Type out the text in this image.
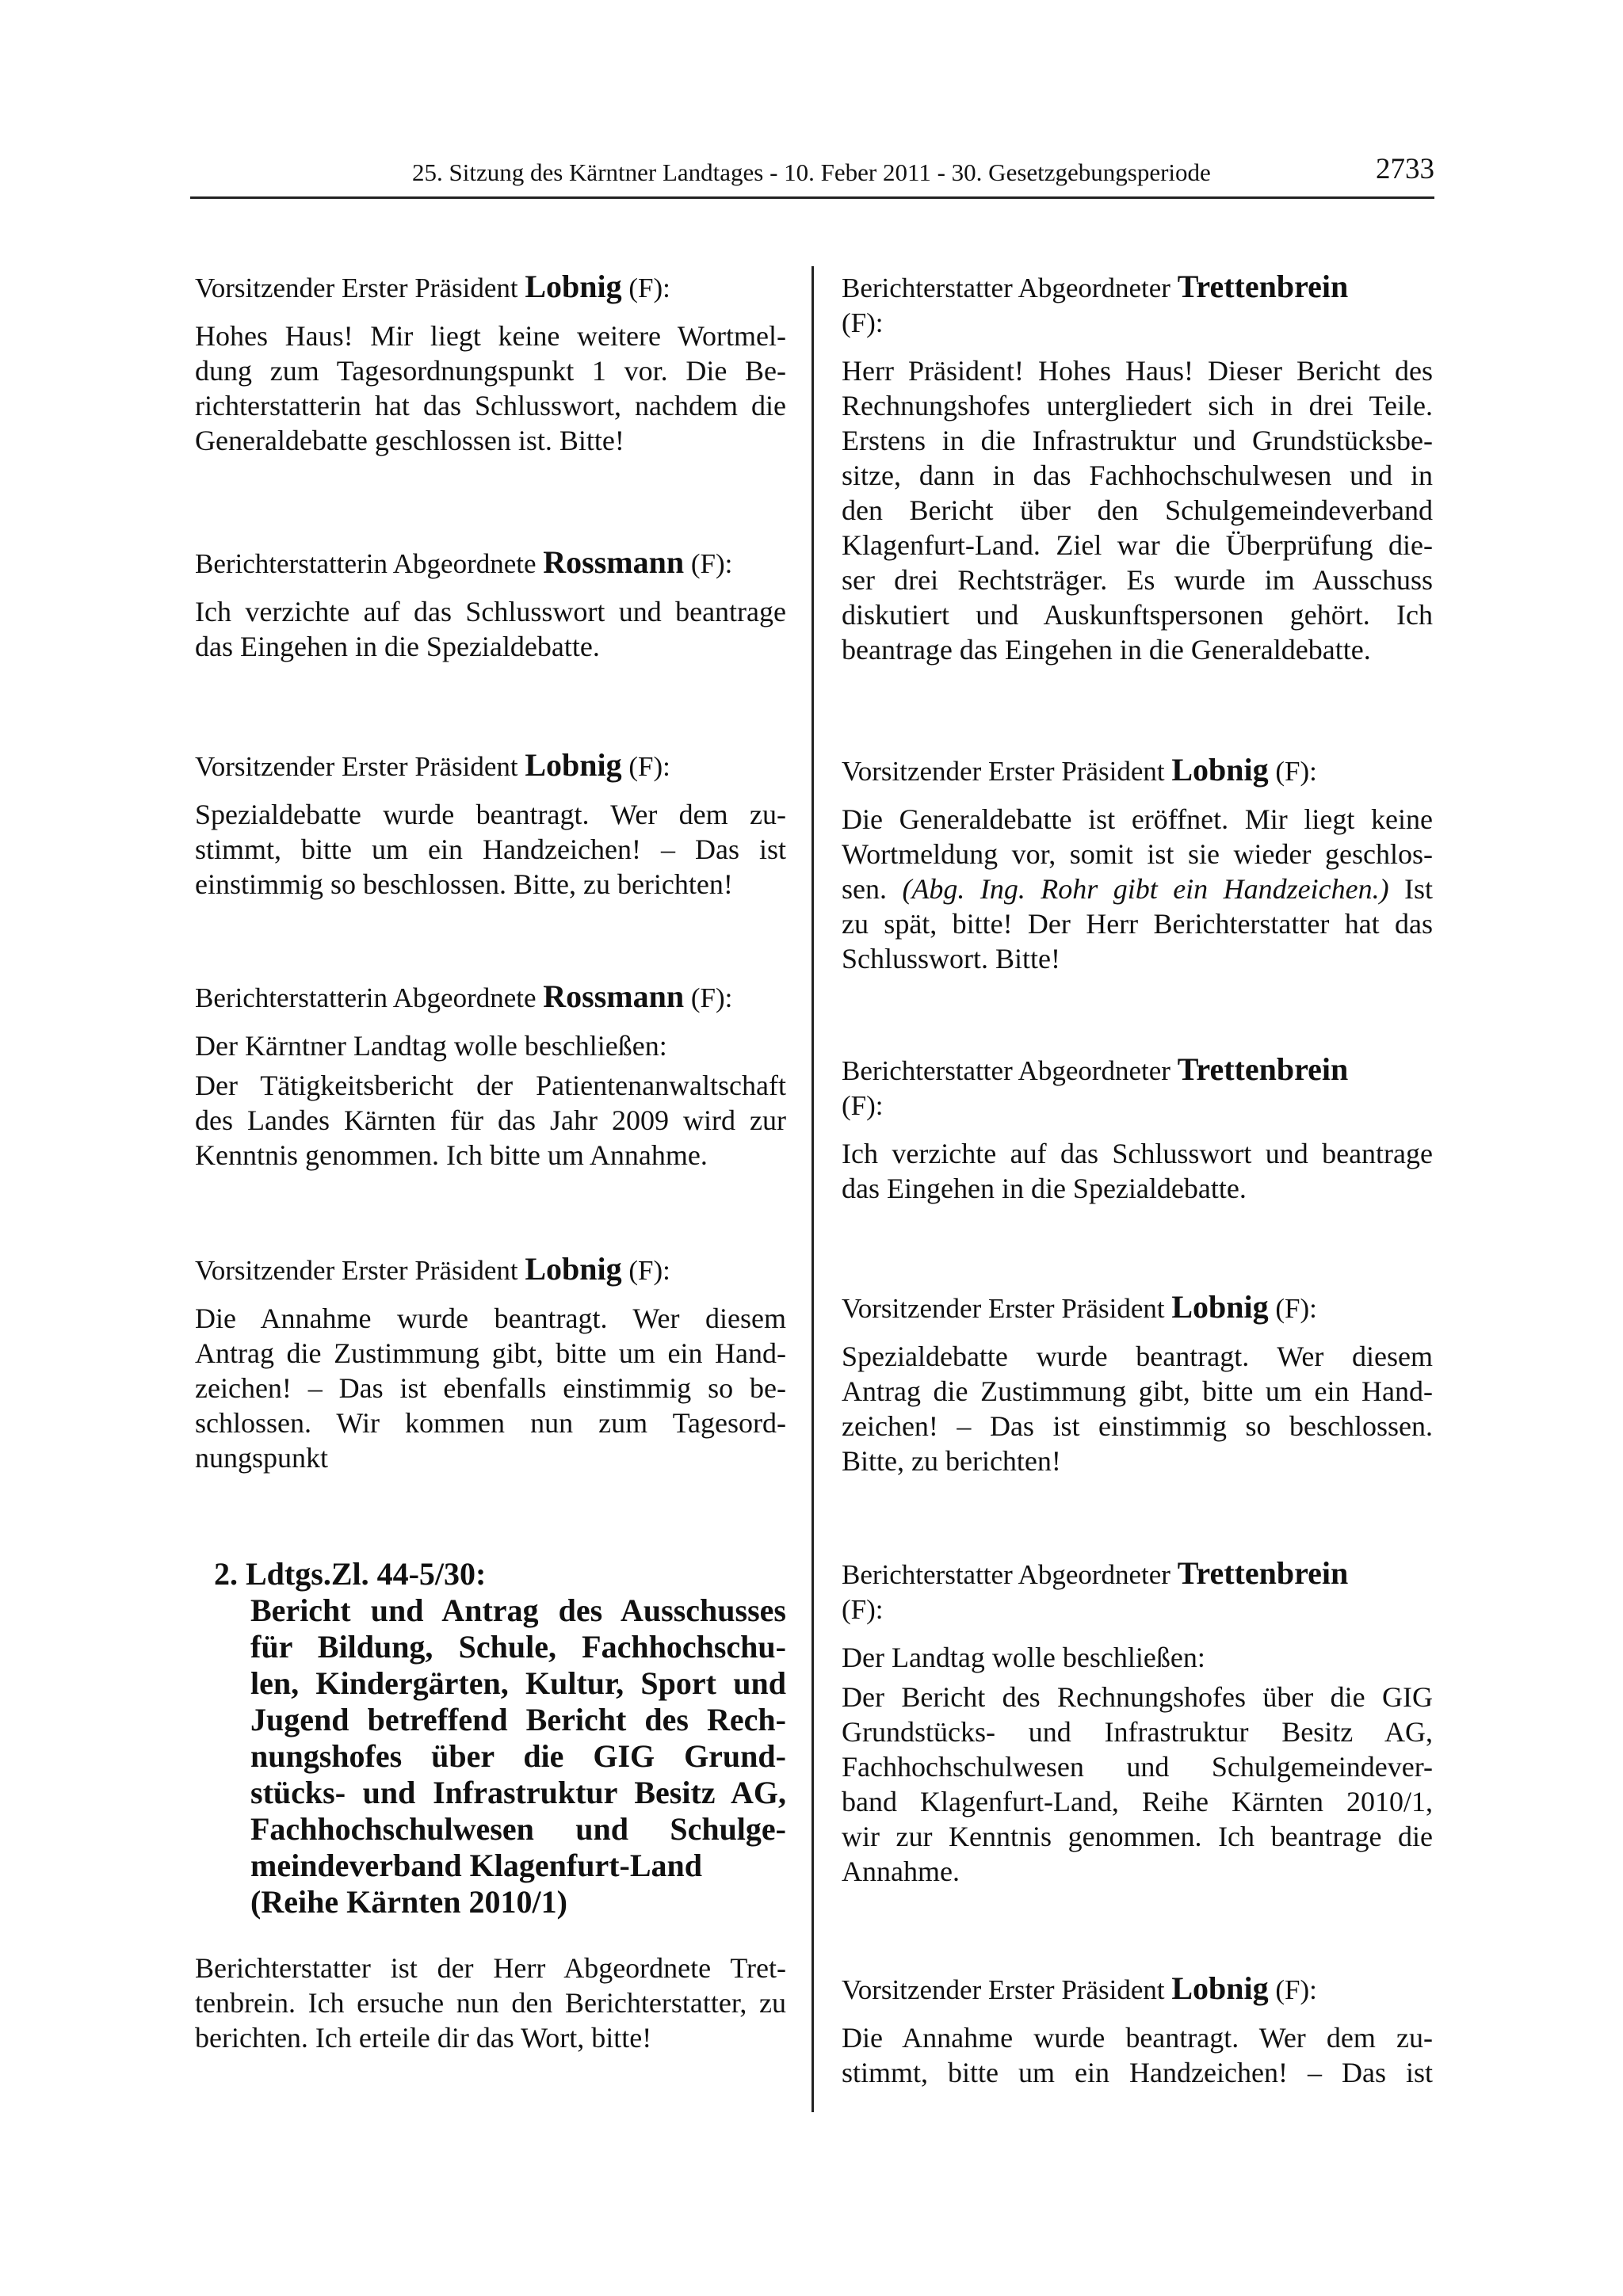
25. Sitzung des Kärntner Landtages - 10. Feber 2011 - 30. Gesetzgebungsperiode	2733

Vorsitzender Erster Präsident Lobnig (F):

Hohes Haus! Mir liegt keine weitere Wortmel-
dung zum Tagesordnungspunkt 1 vor. Die Be-
richterstatterin hat das Schlusswort, nachdem die
Generaldebatte geschlossen ist. Bitte!

Berichterstatterin Abgeordnete Rossmann (F):

Ich verzichte auf das Schlusswort und beantrage
das Eingehen in die Spezialdebatte.

Vorsitzender Erster Präsident Lobnig (F):

Spezialdebatte wurde beantragt. Wer dem zu-
stimmt, bitte um ein Handzeichen! – Das ist
einstimmig so beschlossen. Bitte, zu berichten!

Berichterstatterin Abgeordnete Rossmann (F):

Der Kärntner Landtag wolle beschließen:

Der Tätigkeitsbericht der Patientenanwaltschaft
des Landes Kärnten für das Jahr 2009 wird zur
Kenntnis genommen. Ich bitte um Annahme.

Vorsitzender Erster Präsident Lobnig (F):

Die Annahme wurde beantragt. Wer diesem
Antrag die Zustimmung gibt, bitte um ein Hand-
zeichen! – Das ist ebenfalls einstimmig so be-
schlossen. Wir kommen nun zum Tagesord-
nungspunkt

2. Ldtgs.Zl. 44-5/30:
Bericht und Antrag des Ausschusses
für Bildung, Schule, Fachhochschu-
len, Kindergärten, Kultur, Sport und
Jugend betreffend Bericht des Rech-
nungshofes über die GIG Grund-
stücks- und Infrastruktur Besitz AG,
Fachhochschulwesen und Schulge-
meindeverband Klagenfurt-Land
(Reihe Kärnten 2010/1)

Berichterstatter ist der Herr Abgeordnete Tret-
tenbrein. Ich ersuche nun den Berichterstatter, zu
berichten. Ich erteile dir das Wort, bitte!

Berichterstatter Abgeordneter Trettenbrein
(F):

Herr Präsident! Hohes Haus! Dieser Bericht des
Rechnungshofes untergliedert sich in drei Teile.
Erstens in die Infrastruktur und Grundstücksbe-
sitze, dann in das Fachhochschulwesen und in
den Bericht über den Schulgemeindeverband
Klagenfurt-Land. Ziel war die Überprüfung die-
ser drei Rechtsträger. Es wurde im Ausschuss
diskutiert und Auskunftspersonen gehört. Ich
beantrage das Eingehen in die Generaldebatte.

Vorsitzender Erster Präsident Lobnig (F):

Die Generaldebatte ist eröffnet. Mir liegt keine
Wortmeldung vor, somit ist sie wieder geschlos-
sen. (Abg. Ing. Rohr gibt ein Handzeichen.) Ist
zu spät, bitte! Der Herr Berichterstatter hat das
Schlusswort. Bitte!

Berichterstatter Abgeordneter Trettenbrein
(F):

Ich verzichte auf das Schlusswort und beantrage
das Eingehen in die Spezialdebatte.

Vorsitzender Erster Präsident Lobnig (F):

Spezialdebatte wurde beantragt. Wer diesem
Antrag die Zustimmung gibt, bitte um ein Hand-
zeichen! – Das ist einstimmig so beschlossen.
Bitte, zu berichten!

Berichterstatter Abgeordneter Trettenbrein
(F):

Der Landtag wolle beschließen:

Der Bericht des Rechnungshofes über die GIG
Grundstücks- und Infrastruktur Besitz AG,
Fachhochschulwesen und Schulgemeindever-
band Klagenfurt-Land, Reihe Kärnten 2010/1,
wir zur Kenntnis genommen. Ich beantrage die
Annahme.

Vorsitzender Erster Präsident Lobnig (F):

Die Annahme wurde beantragt. Wer dem zu-
stimmt, bitte um ein Handzeichen! – Das ist
